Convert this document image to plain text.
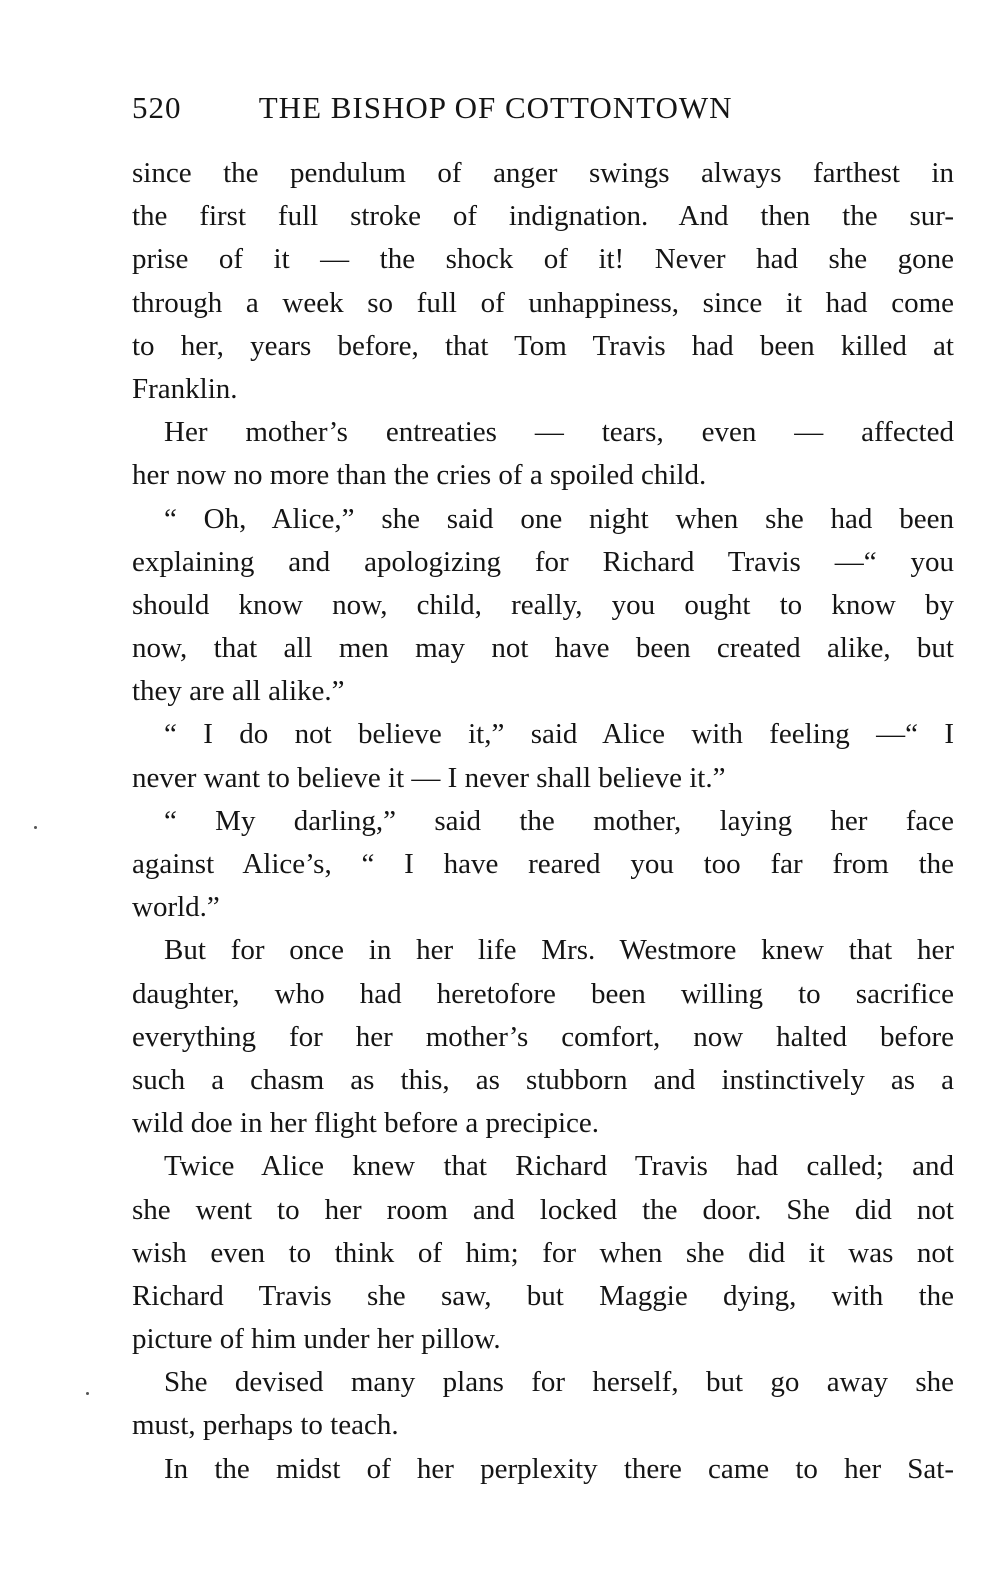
520 THE BISHOP OF COTTONTOWN
since the pendulum of anger swings always farthest in
the first full stroke of indignation. And then the sur-
prise of it — the shock of it! Never had she gone
through a week so full of unhappiness, since it had come
to her, years before, that Tom Travis had been killed at
Franklin.
Her mother’s entreaties — tears, even — affected
her now no more than the cries of a spoiled child.
“ Oh, Alice,” she said one night when she had been
explaining and apologizing for Richard Travis —“ you
should know now, child, really, you ought to know by
now, that all men may not have been created alike, but
they are all alike.”
“ I do not believe it,” said Alice with feeling —“ I
never want to believe it — I never shall believe it.”
“ My darling,” said the mother, laying her face
against Alice’s, “ I have reared you too far from the
world.”
But for once in her life Mrs. Westmore knew that her
daughter, who had heretofore been willing to sacrifice
everything for her mother’s comfort, now halted before
such a chasm as this, as stubborn and instinctively as a
wild doe in her flight before a precipice.
Twice Alice knew that Richard Travis had called; and
she went to her room and locked the door. She did not
wish even to think of him; for when she did it was not
Richard Travis she saw, but Maggie dying, with the
picture of him under her pillow.
She devised many plans for herself, but go away she
must, perhaps to teach.
In the midst of her perplexity there came to her Sat-
